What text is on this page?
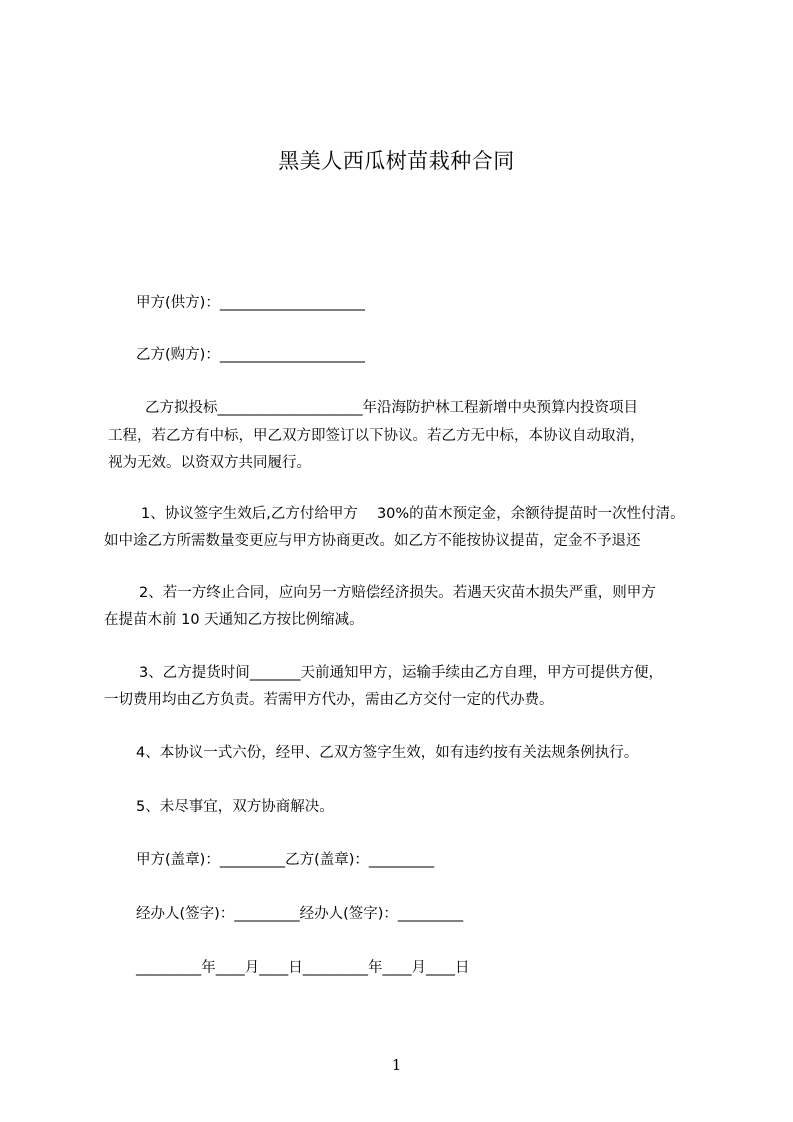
黑美人西瓜树苗栽种合同
甲方(供方)：____________________
乙方(购方)：____________________
乙方拟投标____________________年沿海防护林工程新增中央预算内投资项目
工程，若乙方有中标，甲乙双方即签订以下协议。若乙方无中标，本协议自动取消，
视为无效。以资双方共同履行。
1、协议签字生效后,乙方付给甲方　 30%的苗木预定金，余额待提苗时一次性付清。
如中途乙方所需数量变更应与甲方协商更改。如乙方不能按协议提苗，定金不予退还
2、若一方终止合同，应向另一方赔偿经济损失。若遇天灾苗木损失严重，则甲方
在提苗木前 10 天通知乙方按比例缩减。
3、乙方提货时间_______天前通知甲方，运输手续由乙方自理，甲方可提供方便，
一切费用均由乙方负责。若需甲方代办，需由乙方交付一定的代办费。
4、本协议一式六份，经甲、乙双方签字生效，如有违约按有关法规条例执行。
5、未尽事宜，双方协商解决。
甲方(盖章)：_________乙方(盖章)：_________
经办人(签字)：_________经办人(签字)：_________
_________年____月____日_________年____月____日
1
